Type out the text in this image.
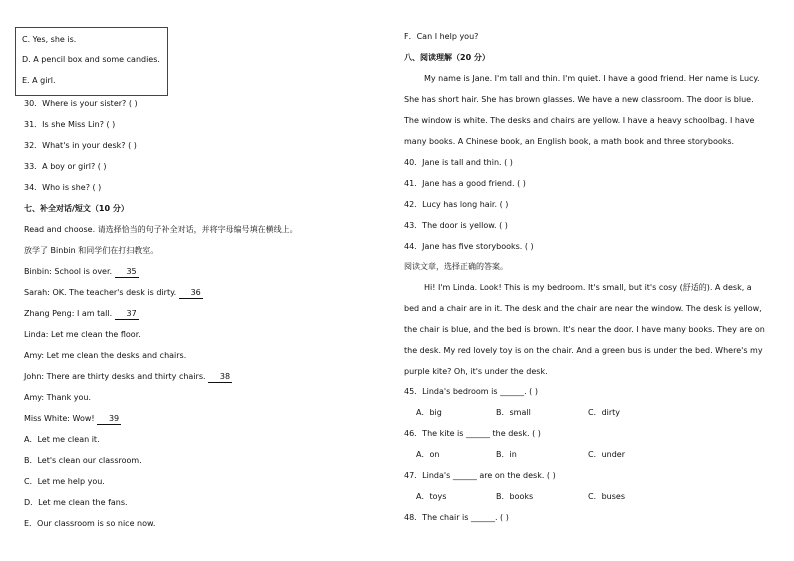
C. Yes, she is.
D. A pencil box and some candies.
E. A girl.
30．Where is your sister? ( )
31．Is she Miss Lin? ( )
32．What's in your desk? ( )
33．A boy or girl? ( )
34．Who is she? ( )
七、补全对话/短文（10 分）
Read and choose. 请选择恰当的句子补全对话，并将字母编号填在横线上。
放学了 Binbin 和同学们在打扫教室。
Binbin: School is over. 35
Sarah: OK. The teacher's desk is dirty. 36
Zhang Peng: I am tall. 37
Linda: Let me clean the floor.
Amy: Let me clean the desks and chairs.
John: There are thirty desks and thirty chairs. 38
Amy: Thank you.
Miss White: Wow! 39
A．Let me clean it.
B．Let's clean our classroom.
C．Let me help you.
D．Let me clean the fans.
E．Our classroom is so nice now.
F．Can I help you?
八、阅读理解（20 分）
My name is Jane. I'm tall and thin. I'm quiet. I have a good friend. Her name is Lucy.
She has short hair. She has brown glasses. We have a new classroom. The door is blue.
The window is white. The desks and chairs are yellow. I have a heavy schoolbag. I have
many books. A Chinese book, an English book, a math book and three storybooks.
40．Jane is tall and thin. ( )
41．Jane has a good friend. ( )
42．Lucy has long hair. ( )
43．The door is yellow. ( )
44．Jane has five storybooks. ( )
阅读文章，选择正确的答案。
Hi! I'm Linda. Look! This is my bedroom. It's small, but it's cosy (舒适的). A desk, a
bed and a chair are in it. The desk and the chair are near the window. The desk is yellow,
the chair is blue, and the bed is brown. It's near the door. I have many books. They are on
the desk. My red lovely toy is on the chair. And a green bus is under the bed. Where's my
purple kite? Oh, it's under the desk.
45．Linda's bedroom is ______. ( )
A．big	B．small	C．dirty
46．The kite is ______ the desk. ( )
A．on	B．in	C．under
47．Linda's ______ are on the desk. ( )
A．toys	B．books	C．buses
48．The chair is ______. ( )
